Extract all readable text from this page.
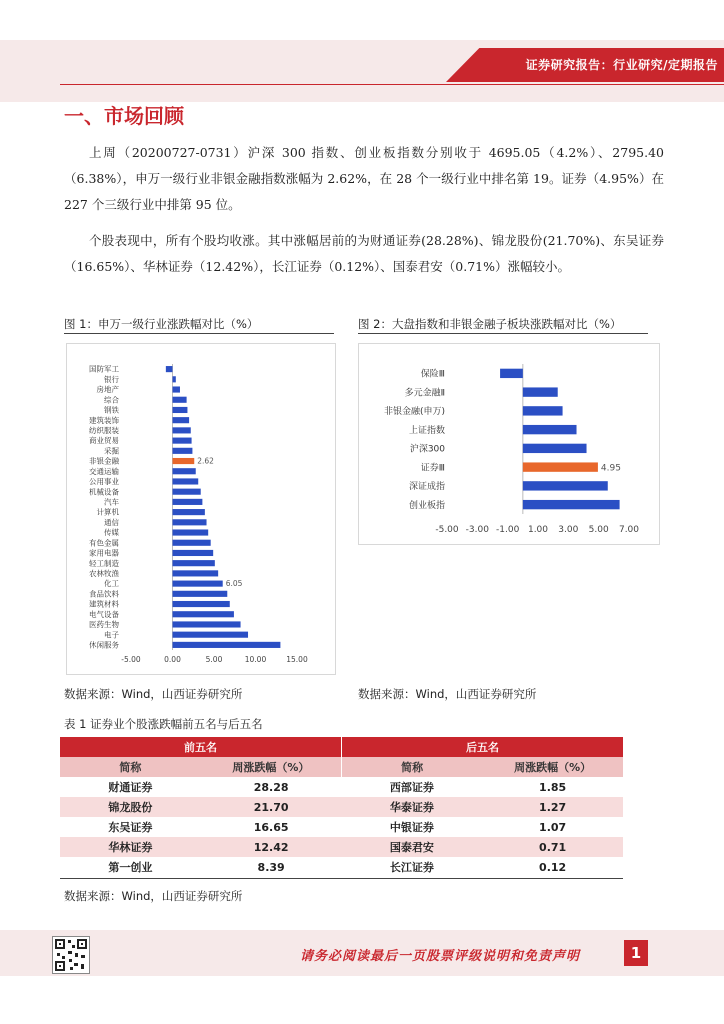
证券研究报告：行业研究/定期报告
一、市场回顾

上周（20200727-0731）沪深 300 指数、创业板指数分别收于 4695.05（4.2%）、2795.40（6.38%），申万一级行业非银金融指数涨幅为 2.62%，在 28 个一级行业中排名第 19。证券（4.95%）在 227 个三级行业中排第 95 位。

个股表现中，所有个股均收涨。其中涨幅居前的为财通证券(28.28%)、锦龙股份(21.70%)、东吴证券（16.65%）、华林证券（12.42%），长江证券（0.12%）、国泰君安（0.71%）涨幅较小。

图 1：申万一级行业涨跌幅对比（%）	图 2：大盘指数和非银金融子板块涨跌幅对比（%）
国防军工
银行
房地产
综合
钢铁
建筑装饰
纺织服装
商业贸易
采掘
非银金融	2.62
交通运输
公用事业
机械设备
汽车
计算机
通信
传媒
有色金属
家用电器
轻工制造
农林牧渔
化工	6.05
食品饮料
建筑材料
电气设备
医药生物
电子
休闲服务
-5.00	0.00	5.00	10.00	15.00
保险Ⅲ
多元金融Ⅱ
非银金融(申万)
上证指数
沪深300
证券Ⅲ	4.95
深证成指
创业板指
-5.00 -3.00 -1.00 1.00 3.00 5.00 7.00
数据来源：Wind，山西证券研究所	数据来源：Wind，山西证券研究所
表 1 证券业个股涨跌幅前五名与后五名
前五名		后五名	
简称	周涨跌幅（%）	简称	周涨跌幅（%）
财通证券	28.28	西部证券	1.85
锦龙股份	21.70	华泰证券	1.27
东吴证券	16.65	中银证券	1.07
华林证券	12.42	国泰君安	0.71
第一创业	8.39	长江证券	0.12
数据来源：Wind，山西证券研究所
请务必阅读最后一页股票评级说明和免责声明	1
